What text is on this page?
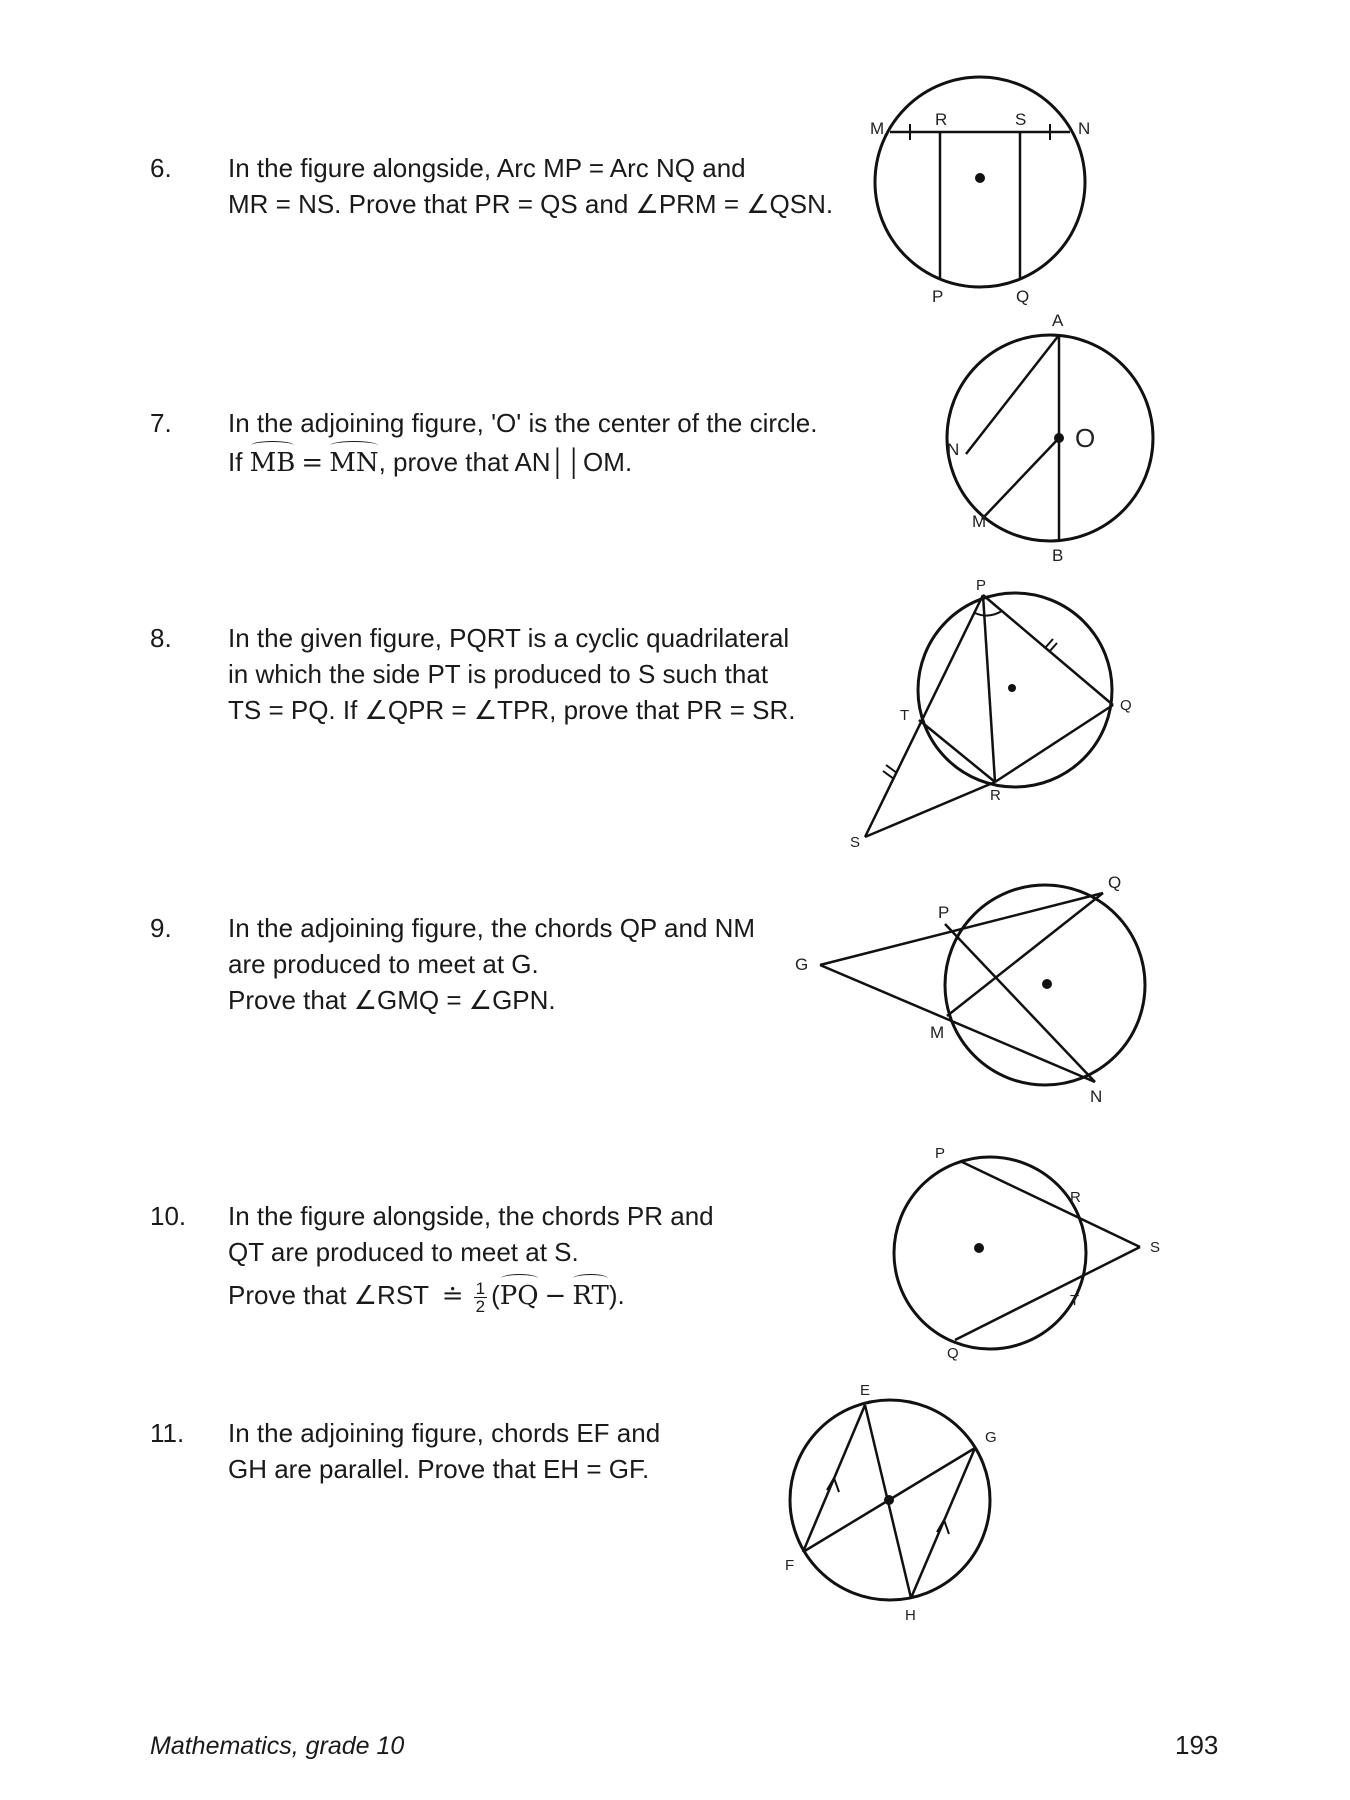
6. In the figure alongside, Arc MP = Arc NQ and
MR = NS. Prove that PR = QS and ∠PRM = ∠QSN.
M	R	S	N
P	Q
7. In the adjoining figure, 'O' is the center of the circle.
If MB = MN, prove that AN││OM.
A
O
N
M
B
8. In the given figure, PQRT is a cyclic quadrilateral
in which the side PT is produced to S such that
TS = PQ. If ∠QPR = ∠TPR, prove that PR = SR.
P
Q
R
T
S
9. In the adjoining figure, the chords QP and NM
are produced to meet at G.
Prove that ∠GMQ = ∠GPN.
G
P
Q
M
N
10. In the figure alongside, the chords PR and
QT are produced to meet at S.
Prove that ∠RST ≐ $\frac{1}{2} (PQ - RT)$.
P
R
S
T
Q
11. In the adjoining figure, chords EF and
GH are parallel. Prove that EH = GF.
E
G
F
H
Mathematics, grade 10	193
